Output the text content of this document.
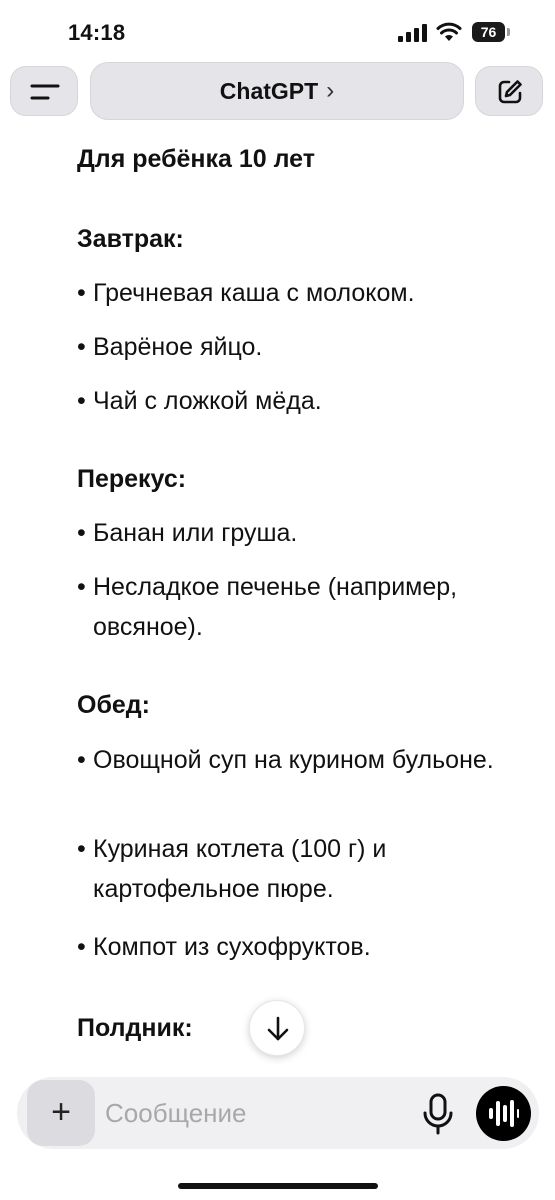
14:18	76
ChatGPT ›
Для ребёнка 10 лет
Завтрак:
• Гречневая каша с молоком.
• Варёное яйцо.
• Чай с ложкой мёда.
Перекус:
• Банан или груша.
• Несладкое печенье (например, овсяное).
Обед:
• Овощной суп на курином бульоне.
• Куриная котлета (100 г) и картофельное пюре.
• Компот из сухофруктов.
Полдник:
+
Сообщение
